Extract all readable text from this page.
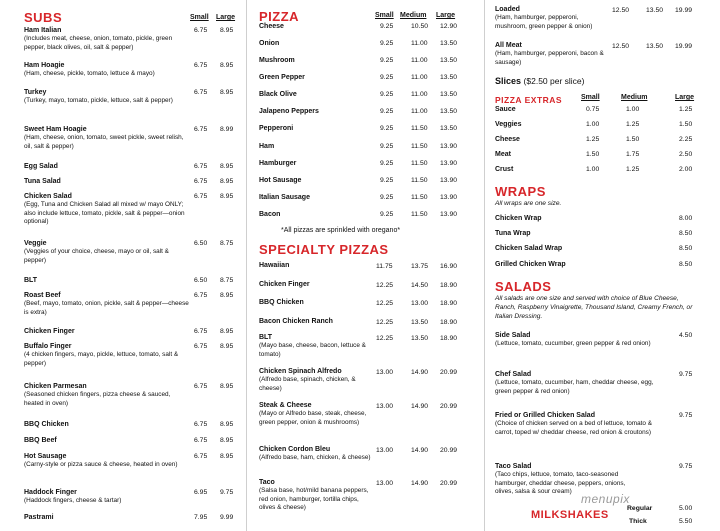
SUBS	Small Large
Ham Italian
(Includes meat, cheese, onion, tomato, pickle, green pepper, black olives, oil, salt & pepper)
6.75 8.95
Ham Hoagie
(Ham, cheese, pickle, tomato, lettuce & mayo)
6.75 8.95
Turkey
(Turkey, mayo, tomato, pickle, lettuce, salt & pepper)
6.75 8.95
Sweet Ham Hoagie
(Ham, cheese, onion, tomato, sweet pickle, sweet relish, oil, salt & pepper)
6.75 8.99
Egg Salad	6.75 8.95
Tuna Salad	6.75 8.95
Chicken Salad
(Egg, Tuna and Chicken Salad all mixed w/ mayo ONLY; also include lettuce, tomato, pickle, salt & pepper—onion optional)
6.75 8.95
Veggie
(Veggies of your choice, cheese, mayo or oil, salt & pepper)
6.50 8.75
BLT	6.50 8.75
Roast Beef
(Beef, mayo, tomato, onion, pickle, salt & pepper—cheese is extra)
6.75 8.95
Chicken Finger	6.75 8.95
Buffalo Finger
(4 chicken fingers, mayo, pickle, lettuce, tomato, salt & pepper)
6.75 8.95
Chicken Parmesan
(Seasoned chicken fingers, pizza cheese & sauced, heated in oven)
6.75 8.95
BBQ Chicken	6.75 8.95
BBQ Beef	6.75 8.95
Hot Sausage
(Carny-style or pizza sauce & cheese, heated in oven)
6.75 8.95
Haddock Finger
(Haddock fingers, cheese & tartar)
6.95 9.75
Pastrami	7.95 9.99
PIZZA	Small Medium Large
Cheese	9.25	10.50 12.90
Onion	9.25	11.00 13.50
Mushroom	9.25	11.00 13.50
Green Pepper	9.25	11.00 13.50
Black Olive	9.25	11.00 13.50
Jalapeno Peppers	9.25	11.00 13.50
Pepperoni	9.25	11.50 13.50
Ham	9.25	11.50 13.90
Hamburger	9.25	11.50 13.90
Hot Sausage	9.25	11.50 13.90
Italian Sausage	9.25	11.50 13.90
Bacon	9.25	11.50 13.90
*All pizzas are sprinkled with oregano*
SPECIALTY PIZZAS
Hawaiian	11.75	13.75 16.90
Chicken Finger	12.25	14.50 18.90
BBQ Chicken	12.25	13.00 18.90
Bacon Chicken Ranch	12.25	13.50 18.90
BLT
(Mayo base, cheese, bacon, lettuce & tomato)
12.25	13.50 18.90
Chicken Spinach Alfredo
(Alfredo base, spinach, chicken, & cheese)
13.00	14.90 20.99
Steak & Cheese
(Mayo or Alfredo base, steak, cheese, green pepper, onion & mushrooms)
13.00	14.90 20.99
Chicken Cordon Bleu
(Alfredo base, ham, chicken, & cheese)
13.00	14.90 20.99
Taco
(Salsa base, hot/mild banana peppers, red onion, hamburger, tortilla chips, olives & cheese)
13.00	14.90 20.99
Loaded
(Ham, hamburger, pepperoni, mushroom, green pepper & onion)
12.50 13.50 19.99
All Meat
(Ham, hamburger, pepperoni, bacon & sausage)
12.50 13.50 19.99
Slices ($2.50 per slice)
PIZZA EXTRAS	Small	Medium	Large
Sauce	0.75	1.00	1.25
Veggies	1.00	1.25	1.50
Cheese	1.25	1.50	2.25
Meat	1.50	1.75	2.50
Crust	1.00	1.25	2.00
WRAPS
All wraps are one size.
Chicken Wrap	8.00
Tuna Wrap	8.50
Chicken Salad Wrap	8.50
Grilled Chicken Wrap	8.50
SALADS
All salads are one size and served with choice of Blue Cheese, Ranch, Raspberry Vinaigrette, Thousand Island, Creamy French, or Italian Dressing.
Side Salad
(Lettuce, tomato, cucumber, green pepper & red onion)
4.50
Chef Salad
(Lettuce, tomato, cucumber, ham, cheddar cheese, egg, green pepper & red onion)
9.75
Fried or Grilled Chicken Salad
(Choice of chicken served on a bed of lettuce, tomato & carrot, toped w/ cheddar cheese, red onion & croutons)
9.75
Taco Salad
(Taco chips, lettuce, tomato, taco-seasoned hamburger, cheddar cheese, peppers, onions, olives, salsa & sour cream)
9.75
menupix
MILKSHAKES
Regular	5.00
Thick	5.50
